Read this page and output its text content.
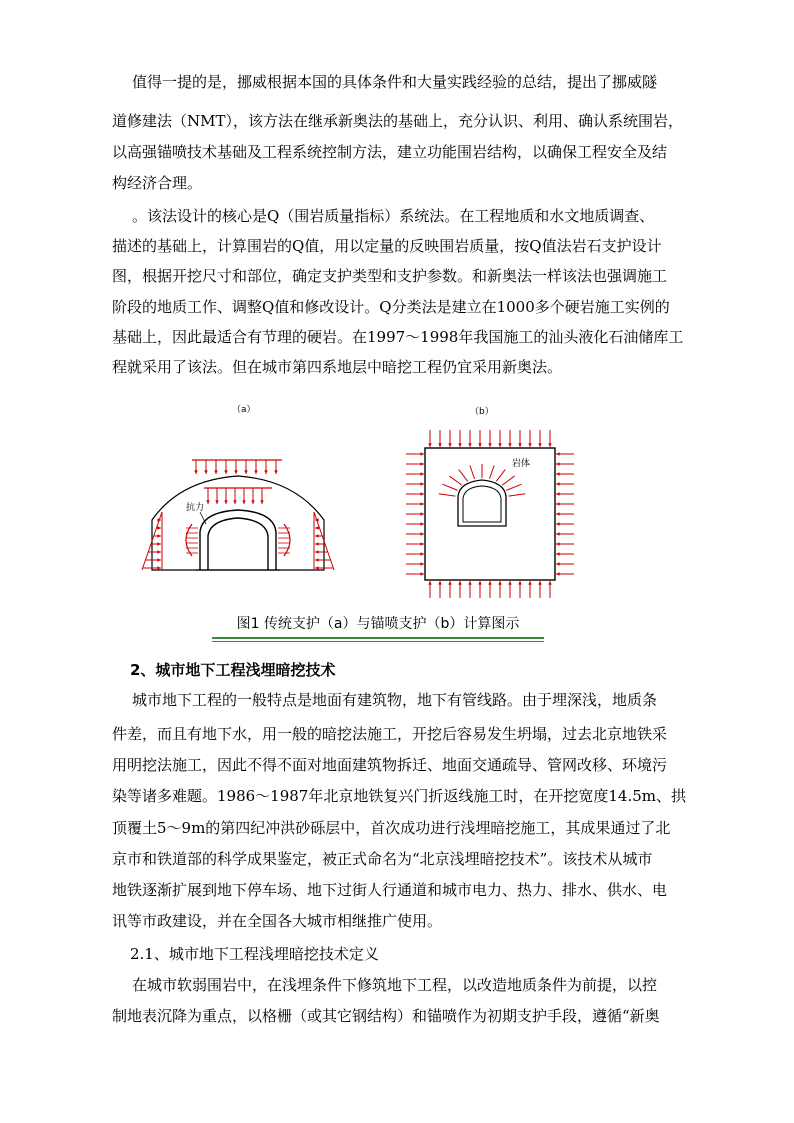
值得一提的是，挪威根据本国的具体条件和大量实践经验的总结，提出了挪威隧
道修建法（NMT），该方法在继承新奥法的基础上，充分认识、利用、确认系统围岩，
以高强锚喷技术基础及工程系统控制方法，建立功能围岩结构，以确保工程安全及结
构经济合理。
。该法设计的核心是Q（围岩质量指标）系统法。在工程地质和水文地质调查、
描述的基础上，计算围岩的Q值，用以定量的反映围岩质量，按Q值法岩石支护设计
图，根据开挖尺寸和部位，确定支护类型和支护参数。和新奥法一样该法也强调施工
阶段的地质工作、调整Q值和修改设计。Q分类法是建立在1000多个硬岩施工实例的
基础上，因此最适合有节理的硬岩。在1997～1998年我国施工的汕头液化石油储库工
程就采用了该法。但在城市第四系地层中暗挖工程仍宜采用新奥法。
（a）
抗力
（b）
岩体
图1 传统支护（a）与锚喷支护（b）计算图示
2、城市地下工程浅埋暗挖技术
城市地下工程的一般特点是地面有建筑物，地下有管线路。由于埋深浅，地质条
件差，而且有地下水，用一般的暗挖法施工，开挖后容易发生坍塌，过去北京地铁采
用明挖法施工，因此不得不面对地面建筑物拆迁、地面交通疏导、管网改移、环境污
染等诸多难题。1986～1987年北京地铁复兴门折返线施工时，在开挖宽度14.5m、拱
顶覆土5～9m的第四纪冲洪砂砾层中，首次成功进行浅埋暗挖施工，其成果通过了北
京市和铁道部的科学成果鉴定，被正式命名为“北京浅埋暗挖技术”。该技术从城市
地铁逐渐扩展到地下停车场、地下过街人行通道和城市电力、热力、排水、供水、电
讯等市政建设，并在全国各大城市相继推广使用。
2.1、城市地下工程浅埋暗挖技术定义
在城市软弱围岩中，在浅埋条件下修筑地下工程，以改造地质条件为前提，以控
制地表沉降为重点，以格栅（或其它钢结构）和锚喷作为初期支护手段，遵循“新奥
